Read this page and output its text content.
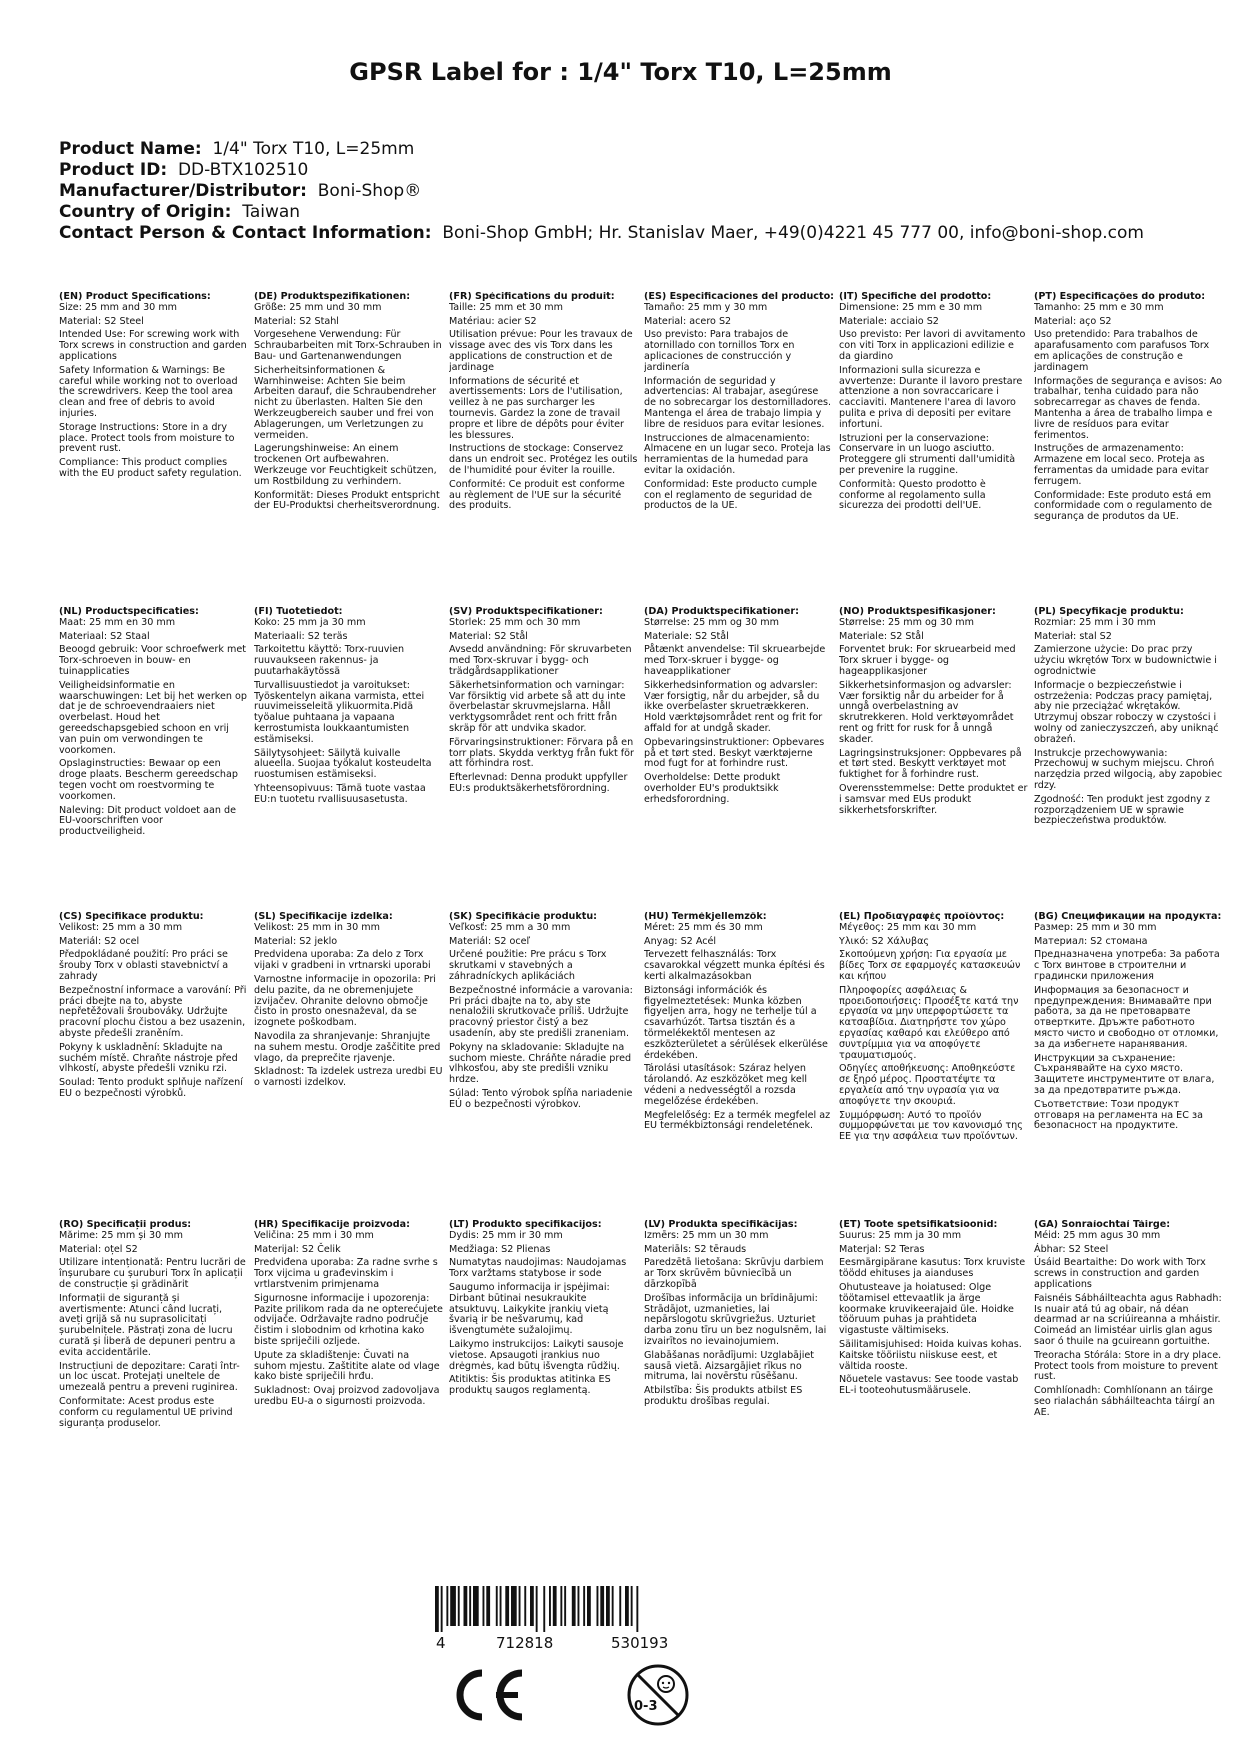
GPSR Label for : 1/4" Torx T10, L=25mm
Product Name: 1/4" Torx T10, L=25mm
Product ID: DD-BTX102510
Manufacturer/Distributor: Boni-Shop®
Country of Origin: Taiwan
Contact Person & Contact Information: Boni-Shop GmbH; Hr. Stanislav Maer, +49(0)4221 45 777 00, info@boni-shop.com
(EN) Product Specifications:
Size: 25 mm and 30 mm
Material: S2 Steel
Intended Use: For screwing work with Torx screws in construction and garden applications
Safety Information & Warnings: Be careful while working not to overload the screwdrivers. Keep the tool area clean and free of debris to avoid injuries.
Storage Instructions: Store in a dry place. Protect tools from moisture to prevent rust.
Compliance: This product complies with the EU product safety regulation.
(DE) Produktspezifikationen:
Größe: 25 mm und 30 mm
Material: S2 Stahl
Vorgesehene Verwendung: Für Schraubarbeiten mit Torx-Schrauben in Bau- und Gartenanwendungen
Sicherheitsinformationen & Warnhinweise: Achten Sie beim Arbeiten darauf, die Schraubendreher nicht zu überlasten. Halten Sie den Werkzeugbereich sauber und frei von Ablagerungen, um Verletzungen zu vermeiden.
Lagerungshinweise: An einem trockenen Ort aufbewahren. Werkzeuge vor Feuchtigkeit schützen, um Rostbildung zu verhindern.
Konformität: Dieses Produkt entspricht der EU-Produktsi cherheitsverordnung.
(FR) Spécifications du produit:
Taille: 25 mm et 30 mm
Matériau: acier S2
Utilisation prévue: Pour les travaux de vissage avec des vis Torx dans les applications de construction et de jardinage
Informations de sécurité et avertissements: Lors de l'utilisation, veillez à ne pas surcharger les tournevis. Gardez la zone de travail propre et libre de dépôts pour éviter les blessures.
Instructions de stockage: Conservez dans un endroit sec. Protégez les outils de l'humidité pour éviter la rouille.
Conformité: Ce produit est conforme au règlement de l'UE sur la sécurité des produits.
(ES) Especificaciones del producto:
Tamaño: 25 mm y 30 mm
Material: acero S2
Uso previsto: Para trabajos de atornillado con tornillos Torx en aplicaciones de construcción y jardinería
Información de seguridad y advertencias: Al trabajar, asegúrese de no sobrecargar los destornilladores. Mantenga el área de trabajo limpia y libre de residuos para evitar lesiones.
Instrucciones de almacenamiento: Almacene en un lugar seco. Proteja las herramientas de la humedad para evitar la oxidación.
Conformidad: Este producto cumple con el reglamento de seguridad de productos de la UE.
(IT) Specifiche del prodotto:
Dimensione: 25 mm e 30 mm
Materiale: acciaio S2
Uso previsto: Per lavori di avvitamento con viti Torx in applicazioni edilizie e da giardino
Informazioni sulla sicurezza e avvertenze: Durante il lavoro prestare attenzione a non sovraccaricare i cacciaviti. Mantenere l'area di lavoro pulita e priva di depositi per evitare infortuni.
Istruzioni per la conservazione: Conservare in un luogo asciutto. Proteggere gli strumenti dall'umidità per prevenire la ruggine.
Conformità: Questo prodotto è conforme al regolamento sulla sicurezza dei prodotti dell'UE.
(PT) Especificações do produto:
Tamanho: 25 mm e 30 mm
Material: aço S2
Uso pretendido: Para trabalhos de aparafusamento com parafusos Torx em aplicações de construção e jardinagem
Informações de segurança e avisos: Ao trabalhar, tenha cuidado para não sobrecarregar as chaves de fenda. Mantenha a área de trabalho limpa e livre de resíduos para evitar ferimentos.
Instruções de armazenamento: Armazene em local seco. Proteja as ferramentas da umidade para evitar ferrugem.
Conformidade: Este produto está em conformidade com o regulamento de segurança de produtos da UE.
(NL) Productspecificaties:
Maat: 25 mm en 30 mm
Materiaal: S2 Staal
Beoogd gebruik: Voor schroefwerk met Torx-schroeven in bouw- en tuinapplicaties
Veiligheidsinformatie en waarschuwingen: Let bij het werken op dat je de schroevendraaiers niet overbelast. Houd het gereedschapsgebied schoon en vrij van puin om verwondingen te voorkomen.
Opslaginstructies: Bewaar op een droge plaats. Bescherm gereedschap tegen vocht om roestvorming te voorkomen.
Naleving: Dit product voldoet aan de EU-voorschriften voor productveiligheid.
(FI) Tuotetiedot:
Koko: 25 mm ja 30 mm
Materiaali: S2 teräs
Tarkoitettu käyttö: Torx-ruuvien ruuvaukseen rakennus- ja puutarhakäytössä
Turvallisuustiedot ja varoitukset: Työskentelyn aikana varmista, ettei ruuvimeisseleitä ylikuormita.Pidä työalue puhtaana ja vapaana kerrostumista loukkaantumisten estämiseksi.
Säilytysohjeet: Säilytä kuivalle alueella. Suojaa työkalut kosteudelta ruostumisen estämiseksi.
Yhteensopivuus: Tämä tuote vastaa EU:n tuotetu rvallisuusasetusta.
(SV) Produktspecifikationer:
Storlek: 25 mm och 30 mm
Material: S2 Stål
Avsedd användning: För skruvarbeten med Torx-skruvar i bygg- och trädgårdsapplikationer
Säkerhetsinformation och varningar: Var försiktig vid arbete så att du inte överbelastar skruvmejslarna. Håll verktygsområdet rent och fritt från skräp för att undvika skador.
Förvaringsinstruktioner: Förvara på en torr plats. Skydda verktyg från fukt för att förhindra rost.
Efterlevnad: Denna produkt uppfyller EU:s produktsäkerhetsförordning.
(DA) Produktspecifikationer:
Størrelse: 25 mm og 30 mm
Materiale: S2 Stål
Påtænkt anvendelse: Til skruearbejde med Torx-skruer i bygge- og haveapplikationer
Sikkerhedsinformation og advarsler: Vær forsigtig, når du arbejder, så du ikke overbelaster skruetrækkeren. Hold værktøjsområdet rent og frit for affald for at undgå skader.
Opbevaringsinstruktioner: Opbevares på et tørt sted. Beskyt værktøjerne mod fugt for at forhindre rust.
Overholdelse: Dette produkt overholder EU's produktsikk erhedsforordning.
(NO) Produktspesifikasjoner:
Størrelse: 25 mm og 30 mm
Materiale: S2 Stål
Forventet bruk: For skruearbeid med Torx skruer i bygge- og hageapplikasjoner
Sikkerhetsinformasjon og advarsler: Vær forsiktig når du arbeider for å unngå overbelastning av skrutrekkeren. Hold verktøyområdet rent og fritt for rusk for å unngå skader.
Lagringsinstruksjoner: Oppbevares på et tørt sted. Beskytt verktøyet mot fuktighet for å forhindre rust.
Overensstemmelse: Dette produktet er i samsvar med EUs produkt sikkerhetsforskrifter.
(PL) Specyfikacje produktu:
Rozmiar: 25 mm i 30 mm
Materiał: stal S2
Zamierzone użycie: Do prac przy użyciu wkrętów Torx w budownictwie i ogrodnictwie
Informacje o bezpieczeństwie i ostrzeżenia: Podczas pracy pamiętaj, aby nie przeciążać wkrętaków. Utrzymuj obszar roboczy w czystości i wolny od zanieczyszczeń, aby uniknąć obrażeń.
Instrukcje przechowywania: Przechowuj w suchym miejscu. Chroń narzędzia przed wilgocią, aby zapobiec rdzy.
Zgodność: Ten produkt jest zgodny z rozporządzeniem UE w sprawie bezpieczeństwa produktów.
(CS) Specifikace produktu:
Velikost: 25 mm a 30 mm
Materiál: S2 ocel
Předpokládané použití: Pro práci se šrouby Torx v oblasti stavebnictví a zahrady
Bezpečnostní informace a varování: Při práci dbejte na to, abyste nepřetěžovali šroubováky. Udržujte pracovní plochu čistou a bez usazenin, abyste předešli zraněním.
Pokyny k uskladnění: Skladujte na suchém místě. Chraňte nástroje před vlhkostí, abyste předešli vzniku rzi.
Soulad: Tento produkt splňuje nařízení EU o bezpečnosti výrobků.
(SL) Specifikacije izdelka:
Velikost: 25 mm in 30 mm
Material: S2 jeklo
Predvidena uporaba: Za delo z Torx vijaki v gradbeni in vrtnarski uporabi
Varnostne informacije in opozorila: Pri delu pazite, da ne obremenjujete izvijačev. Ohranite delovno območje čisto in prosto onesnaževal, da se izognete poškodbam.
Navodila za shranjevanje: Shranjujte na suhem mestu. Orodje zaščitite pred vlago, da preprečite rjavenje.
Skladnost: Ta izdelek ustreza uredbi EU o varnosti izdelkov.
(SK) Špecifikácie produktu:
Veľkosť: 25 mm a 30 mm
Materiál: S2 oceľ
Určené použitie: Pre prácu s Torx skrutkami v stavebných a záhradníckych aplikáciách
Bezpečnostné informácie a varovania: Pri práci dbajte na to, aby ste nenaložili skrutkovače príliš. Udržujte pracovný priestor čistý a bez usadenín, aby ste predišli zraneniam.
Pokyny na skladovanie: Skladujte na suchom mieste. Chráňte náradie pred vlhkosťou, aby ste predišli vzniku hrdze.
Súlad: Tento výrobok spĺňa nariadenie EÚ o bezpečnosti výrobkov.
(HU) Termékjellemzők:
Méret: 25 mm és 30 mm
Anyag: S2 Acél
Tervezett felhasználás: Torx csavarokkal végzett munka építési és kerti alkalmazásokban
Biztonsági információk és figyelmeztetések: Munka közben figyeljen arra, hogy ne terhelje túl a csavarhúzót. Tartsa tisztán és a törmelékektől mentesen az eszközterületet a sérülések elkerülése érdekében.
Tárolási utasítások: Száraz helyen tárolandó. Az eszközöket meg kell védeni a nedvességtől a rozsda megelőzése érdekében.
Megfelelőség: Ez a termék megfelel az EU termékbiztonsági rendeletének.
(EL) Προδιαγραφές προϊόντος:
Μέγεθος: 25 mm και 30 mm
Υλικό: S2 Χάλυβας
Σκοπούμενη χρήση: Για εργασία με βίδες Torx σε εφαρμογές κατασκευών και κήπου
Πληροφορίες ασφάλειας & προειδοποιήσεις: Προσέξτε κατά την εργασία να μην υπερφορτώσετε τα κατσαβίδια. Διατηρήστε τον χώρο εργασίας καθαρό και ελεύθερο από συντρίμμια για να αποφύγετε τραυματισμούς.
Οδηγίες αποθήκευσης: Αποθηκεύστε σε ξηρό μέρος. Προστατέψτε τα εργαλεία από την υγρασία για να αποφύγετε την σκουριά.
Συμμόρφωση: Αυτό το προϊόν συμμορφώνεται με τον κανονισμό της ΕΕ για την ασφάλεια των προϊόντων.
(BG) Спецификации на продукта:
Размер: 25 mm и 30 mm
Материал: S2 стомана
Предназначена употреба: За работа с Torx винтове в строителни и градински приложения
Информация за безопасност и предупреждения: Внимавайте при работа, за да не претоварвате отвертките. Дръжте работното място чисто и свободно от отломки, за да избегнете наранявания.
Инструкции за съхранение: Съхранявайте на сухо място. Защитете инструментите от влага, за да предотвратите ръжда.
Съответствие: Този продукт отговаря на регламента на ЕС за безопасност на продуктите.
(RO) Specificații produs:
Mărime: 25 mm și 30 mm
Material: oțel S2
Utilizare intenționată: Pentru lucrări de înșurubare cu șuruburi Torx în aplicații de construcție și grădinărit
Informații de siguranță și avertismente: Atunci când lucrați, aveți grijă să nu suprasolicitați șurubelnițele. Păstrați zona de lucru curată și liberă de depuneri pentru a evita accidentările.
Instrucțiuni de depozitare: Carați într-un loc uscat. Protejați uneltele de umezeală pentru a preveni ruginirea.
Conformitate: Acest produs este conform cu regulamentul UE privind siguranța produselor.
(HR) Specifikacije proizvoda:
Veličina: 25 mm i 30 mm
Materijal: S2 Čelik
Predviđena uporaba: Za radne svrhe s Torx vijcima u građevinskim i vrtlarstvenim primjenama
Sigurnosne informacije i upozorenja: Pazite prilikom rada da ne opterećujete odvijače. Održavajte radno područje čistim i slobodnim od krhotina kako biste spriječili ozljede.
Upute za skladištenje: Čuvati na suhom mjestu. Zaštitite alate od vlage kako biste spriječili hrđu.
Sukladnost: Ovaj proizvod zadovoljava uredbu EU-a o sigurnosti proizvoda.
(LT) Produkto specifikacijos:
Dydis: 25 mm ir 30 mm
Medžiaga: S2 Plienas
Numatytas naudojimas: Naudojamas Torx varžtams statybose ir sode
Saugumo informacija ir įspėjimai: Dirbant būtinai nesukraukite atsuktuvų. Laikykite įrankių vietą švarią ir be nešvarumų, kad išvengtumėte sužalojimų.
Laikymo instrukcijos: Laikyti sausoje vietose. Apsaugoti įrankius nuo drėgmės, kad būtų išvengta rūdžių.
Atitiktis: Šis produktas atitinka ES produktų saugos reglamentą.
(LV) Produkta specifikācijas:
Izmērs: 25 mm un 30 mm
Materiāls: S2 tērauds
Paredzētā lietošana: Skrūvju darbiem ar Torx skrūvēm būvniecībā un dārzkopībā
Drošības informācija un brīdinājumi: Strādājot, uzmanieties, lai nepārslogotu skrūvgriežus. Uzturiet darba zonu tīru un bez nogulsnēm, lai izvairītos no ievainojumiem.
Glabāšanas norādījumi: Uzglabājiet sausā vietā. Aizsargājiet rīkus no mitruma, lai novērstu rūsēšanu.
Atbilstība: Šis produkts atbilst ES produktu drošības regulai.
(ET) Toote spetsifikatsioonid:
Suurus: 25 mm ja 30 mm
Materjal: S2 Teras
Eesmärgipärane kasutus: Torx kruviste töödd ehituses ja aianduses
Ohutusteave ja hoiatused: Olge töötamisel ettevaatlik ja ärge koormake kruvikeerajaid üle. Hoidke tööruum puhas ja prahtideta vigastuste vältimiseks.
Säilitamisjuhised: Hoida kuivas kohas. Kaitske tööriistu niiskuse eest, et vältida rooste.
Nõuetele vastavus: See toode vastab EL-i tooteohutusmäärusele.
(GA) Sonraíochtaí Táirge:
Méid: 25 mm agus 30 mm
Ábhar: S2 Steel
Úsáid Beartaithe: Do work with Torx screws in construction and garden applications
Faisnéis Sábháilteachta agus Rabhadh: Is nuair atá tú ag obair, ná déan dearmad ar na scriúireanna a mháistir. Coimeád an limistéar uirlis glan agus saor ó thuile na gcuireann gortuithe.
Treoracha Stórála: Store in a dry place. Protect tools from moisture to prevent rust.
Comhlíonadh: Comhlíonann an táirge seo rialachán sábháilteachta táirgí an AE.
4	712818	530193
0-3
